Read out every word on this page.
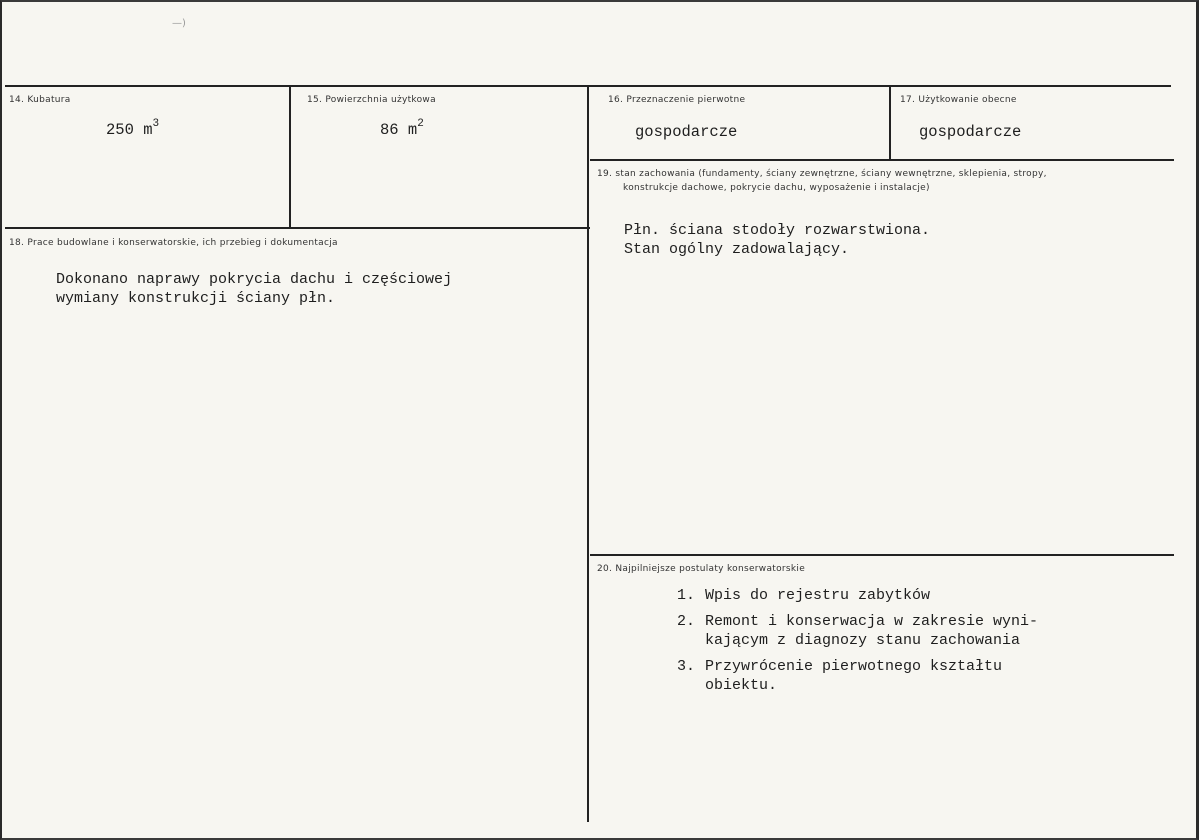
—)
14. Kubatura
250 $m^3$
15. Powierzchnia użytkowa
86 $m^2$
16. Przeznaczenie pierwotne
gospodarcze
17. Użytkowanie obecne
gospodarcze
18. Prace budowlane i konserwatorskie, ich przebieg i dokumentacja
Dokonano naprawy pokrycia dachu i częściowej
wymiany konstrukcji ściany płn.
19. stan zachowania (fundamenty, ściany zewnętrzne, ściany wewnętrzne, sklepienia, stropy,
konstrukcje dachowe, pokrycie dachu, wyposażenie i instalacje)
Płn. ściana stodoły rozwarstwiona.
Stan ogólny zadowalający.
20. Najpilniejsze postulaty konserwatorskie
1. Wpis do rejestru zabytków
2. Remont i konserwacja w zakresie wyni-
kającym z diagnozy stanu zachowania
3. Przywrócenie pierwotnego kształtu
obiektu.
